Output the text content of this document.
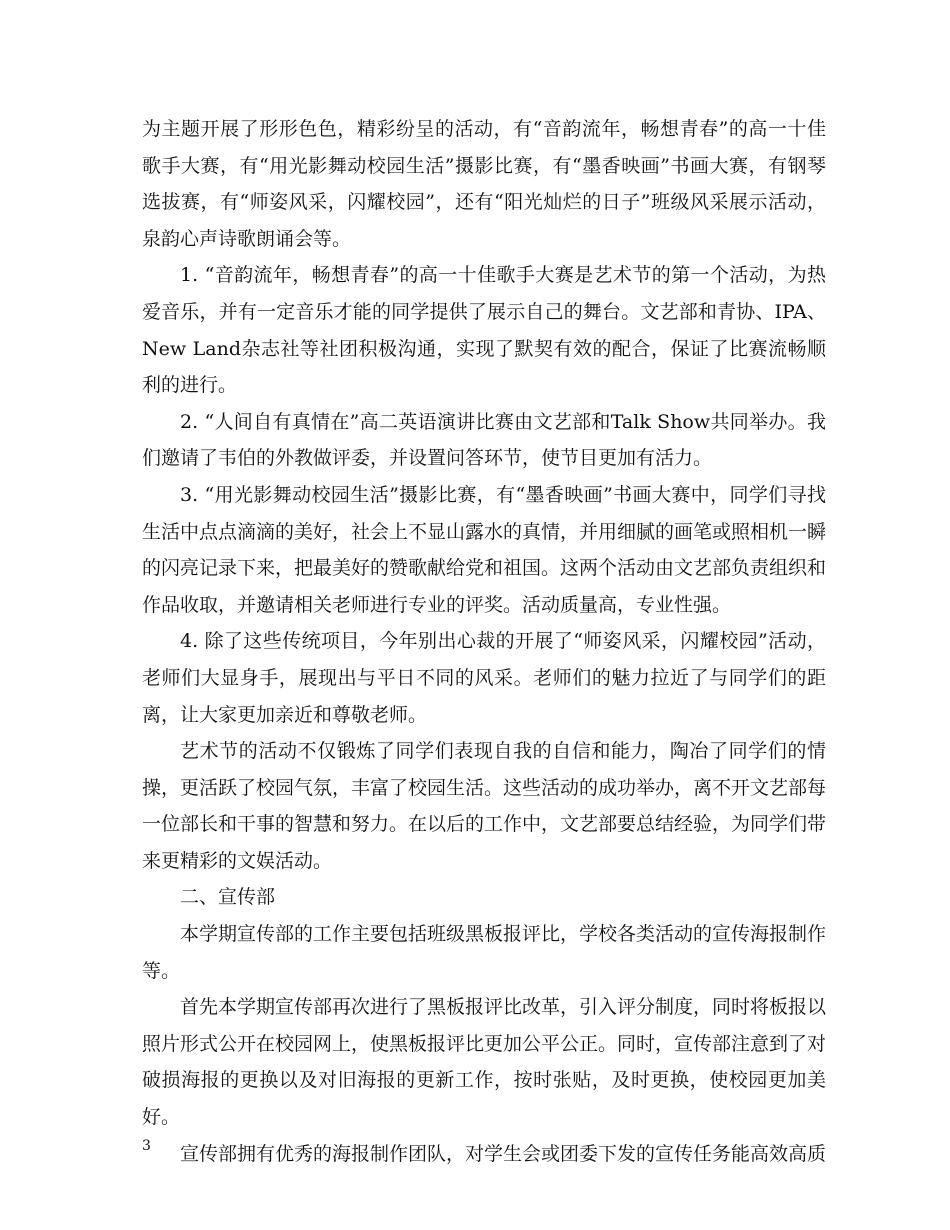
为主题开展了形形色色，精彩纷呈的活动，有“音韵流年，畅想青春”的高一十佳歌手大赛，有“用光影舞动校园生活”摄影比赛，有“墨香映画”书画大赛，有钢琴选拔赛，有“师姿风采，闪耀校园”，还有“阳光灿烂的日子”班级风采展示活动，泉韵心声诗歌朗诵会等。

1. “音韵流年，畅想青春”的高一十佳歌手大赛是艺术节的第一个活动，为热爱音乐，并有一定音乐才能的同学提供了展示自己的舞台。文艺部和青协、IPA、New Land杂志社等社团积极沟通，实现了默契有效的配合，保证了比赛流畅顺利的进行。

2. “人间自有真情在”高二英语演讲比赛由文艺部和Talk Show共同举办。我们邀请了韦伯的外教做评委，并设置问答环节，使节目更加有活力。

3. “用光影舞动校园生活”摄影比赛，有“墨香映画”书画大赛中，同学们寻找生活中点点滴滴的美好，社会上不显山露水的真情，并用细腻的画笔或照相机一瞬的闪亮记录下来，把最美好的赞歌献给党和祖国。这两个活动由文艺部负责组织和作品收取，并邀请相关老师进行专业的评奖。活动质量高，专业性强。

4. 除了这些传统项目，今年别出心裁的开展了“师姿风采，闪耀校园”活动，老师们大显身手，展现出与平日不同的风采。老师们的魅力拉近了与同学们的距离，让大家更加亲近和尊敬老师。

艺术节的活动不仅锻炼了同学们表现自我的自信和能力，陶冶了同学们的情操，更活跃了校园气氛，丰富了校园生活。这些活动的成功举办，离不开文艺部每一位部长和干事的智慧和努力。在以后的工作中，文艺部要总结经验，为同学们带来更精彩的文娱活动。

二、宣传部

本学期宣传部的工作主要包括班级黑板报评比，学校各类活动的宣传海报制作等。

首先本学期宣传部再次进行了黑板报评比改革，引入评分制度，同时将板报以照片形式公开在校园网上，使黑板报评比更加公平公正。同时，宣传部注意到了对破损海报的更换以及对旧海报的更新工作，按时张贴，及时更换，使校园更加美好。

宣传部拥有优秀的海报制作团队，对学生会或团委下发的宣传任务能高效高质

3
